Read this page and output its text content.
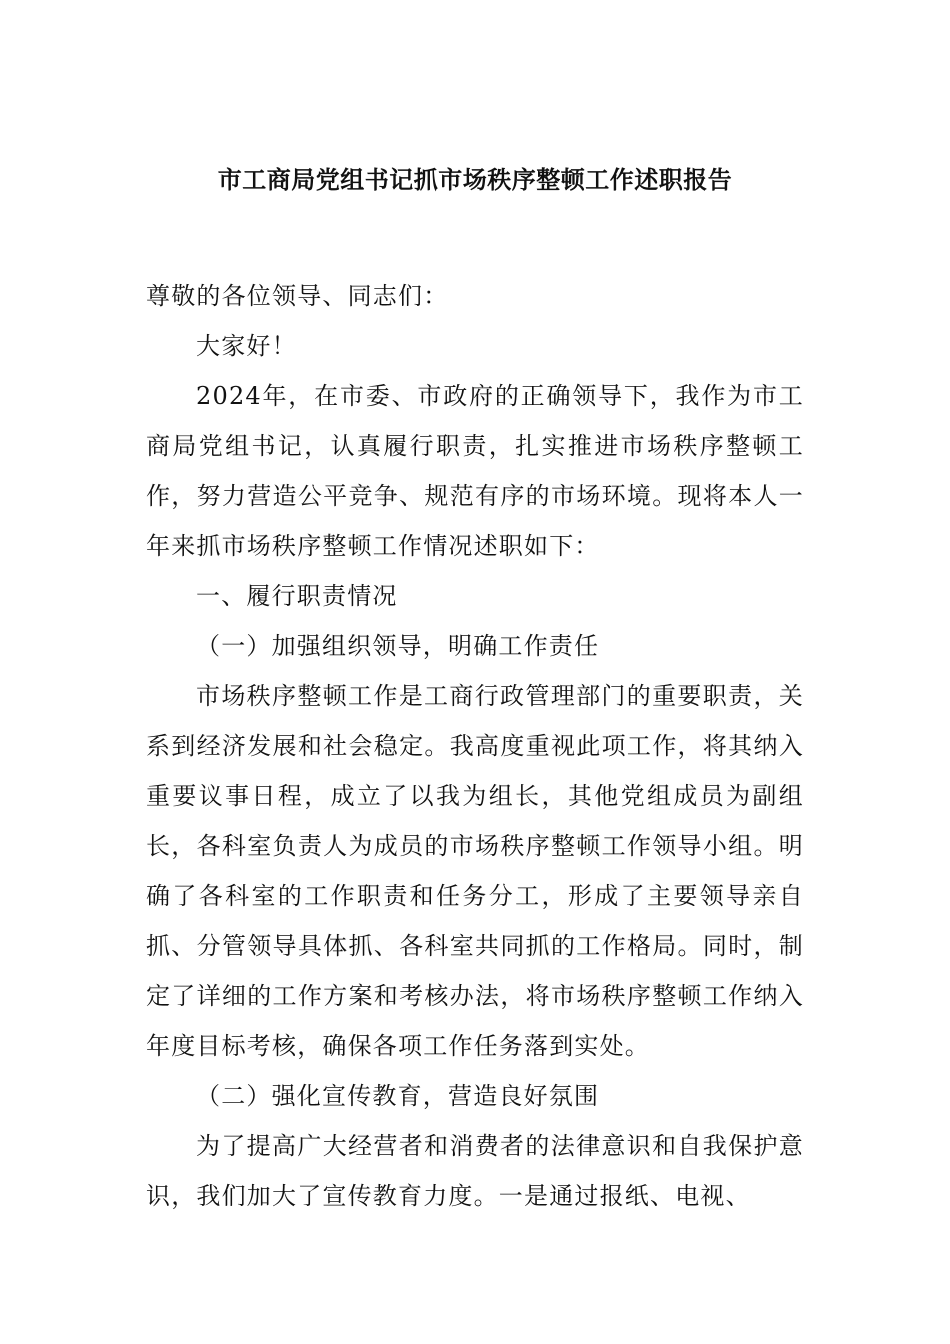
市工商局党组书记抓市场秩序整顿工作述职报告

尊敬的各位领导、同志们：

大家好！

2024年，在市委、市政府的正确领导下，我作为市工商局党组书记，认真履行职责，扎实推进市场秩序整顿工作，努力营造公平竞争、规范有序的市场环境。现将本人一年来抓市场秩序整顿工作情况述职如下：

一、履行职责情况

（一）加强组织领导，明确工作责任

市场秩序整顿工作是工商行政管理部门的重要职责，关系到经济发展和社会稳定。我高度重视此项工作，将其纳入重要议事日程，成立了以我为组长，其他党组成员为副组长，各科室负责人为成员的市场秩序整顿工作领导小组。明确了各科室的工作职责和任务分工，形成了主要领导亲自抓、分管领导具体抓、各科室共同抓的工作格局。同时，制定了详细的工作方案和考核办法，将市场秩序整顿工作纳入年度目标考核，确保各项工作任务落到实处。

（二）强化宣传教育，营造良好氛围

为了提高广大经营者和消费者的法律意识和自我保护意识，我们加大了宣传教育力度。一是通过报纸、电视、
